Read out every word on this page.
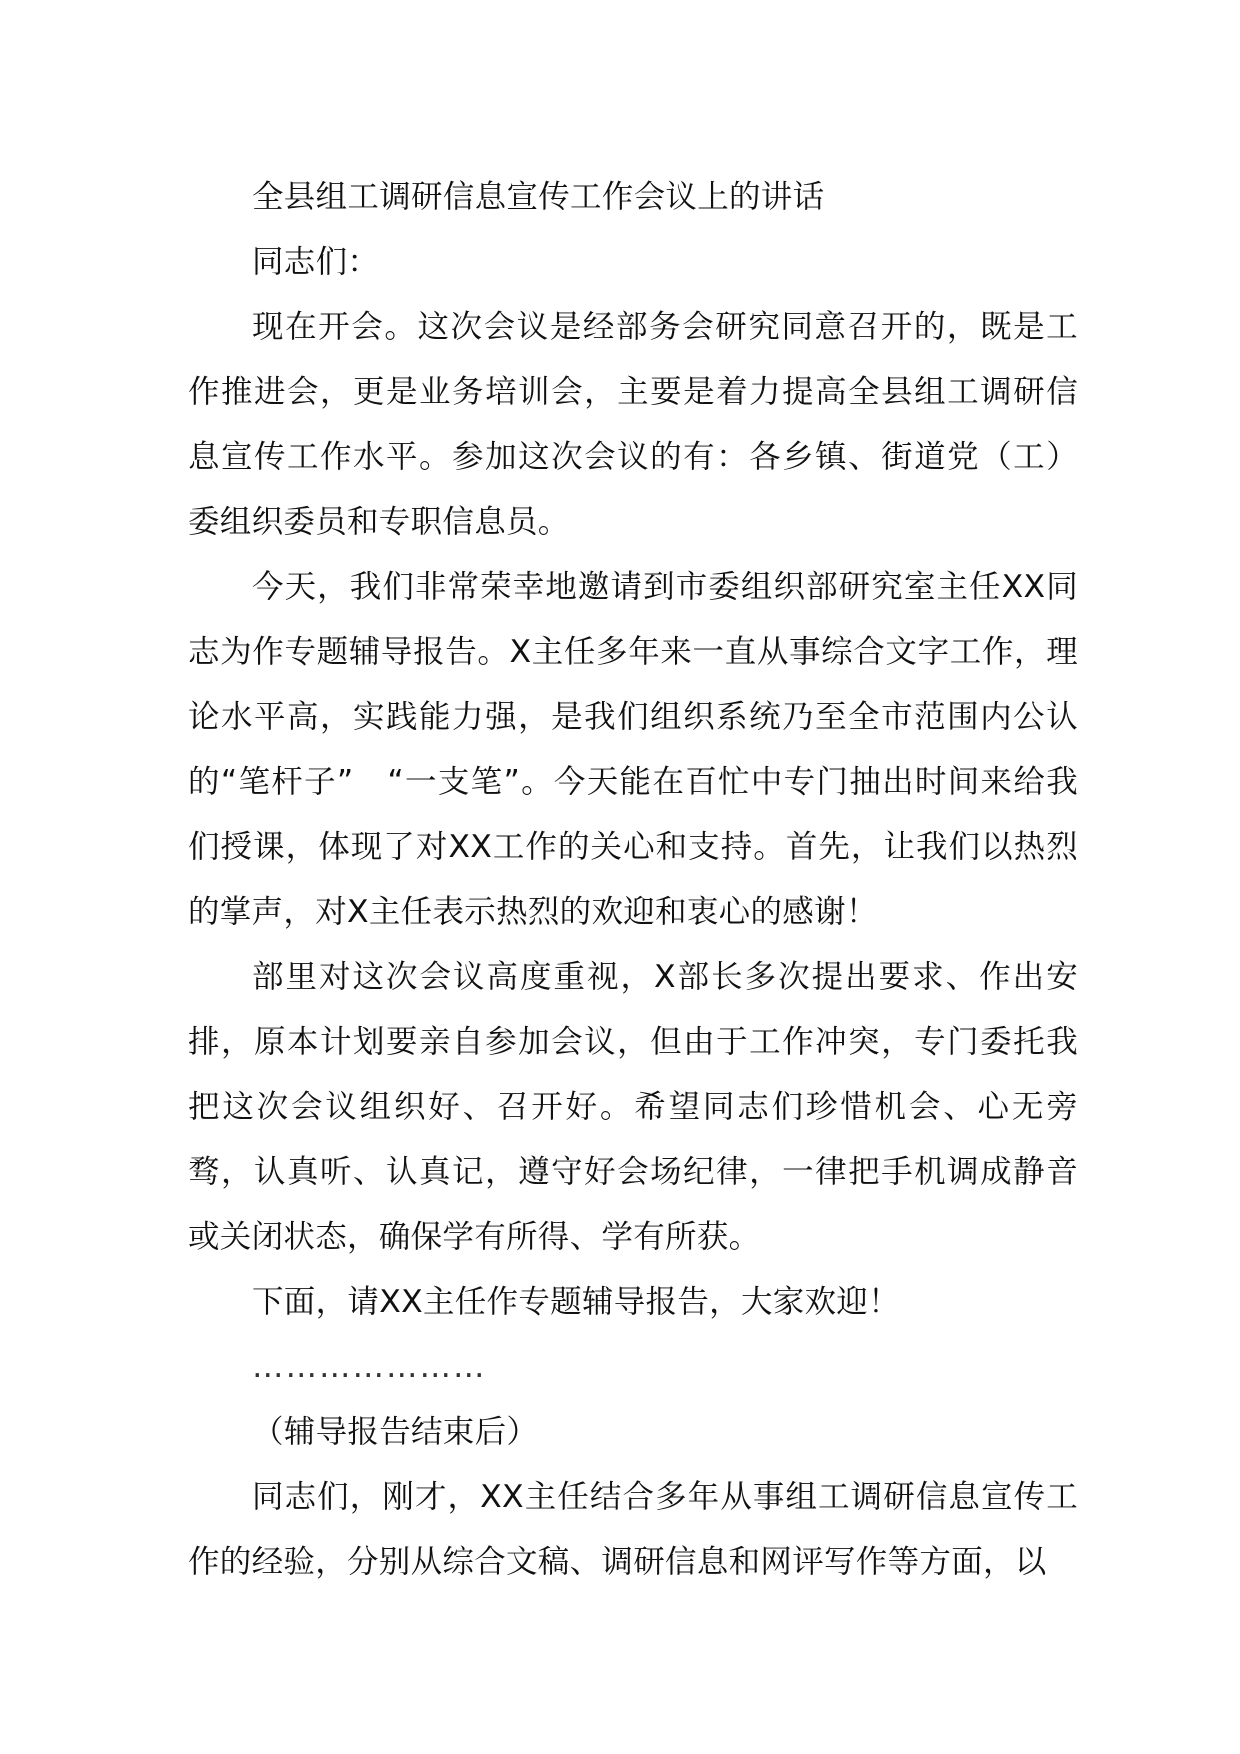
全县组工调研信息宣传工作会议上的讲话

同志们：

现在开会。这次会议是经部务会研究同意召开的，既是工作推进会，更是业务培训会，主要是着力提高全县组工调研信息宣传工作水平。参加这次会议的有：各乡镇、街道党（工）委组织委员和专职信息员。

今天，我们非常荣幸地邀请到市委组织部研究室主任XX同志为作专题辅导报告。X主任多年来一直从事综合文字工作，理论水平高，实践能力强，是我们组织系统乃至全市范围内公认的“笔杆子”　“一支笔”。今天能在百忙中专门抽出时间来给我们授课，体现了对XX工作的关心和支持。首先，让我们以热烈的掌声，对X主任表示热烈的欢迎和衷心的感谢！

部里对这次会议高度重视，X部长多次提出要求、作出安排，原本计划要亲自参加会议，但由于工作冲突，专门委托我把这次会议组织好、召开好。希望同志们珍惜机会、心无旁骛，认真听、认真记，遵守好会场纪律，一律把手机调成静音或关闭状态，确保学有所得、学有所获。

下面，请XX主任作专题辅导报告，大家欢迎！

…………………

（辅导报告结束后）

同志们，刚才，XX主任结合多年从事组工调研信息宣传工作的经验，分别从综合文稿、调研信息和网评写作等方面，以
